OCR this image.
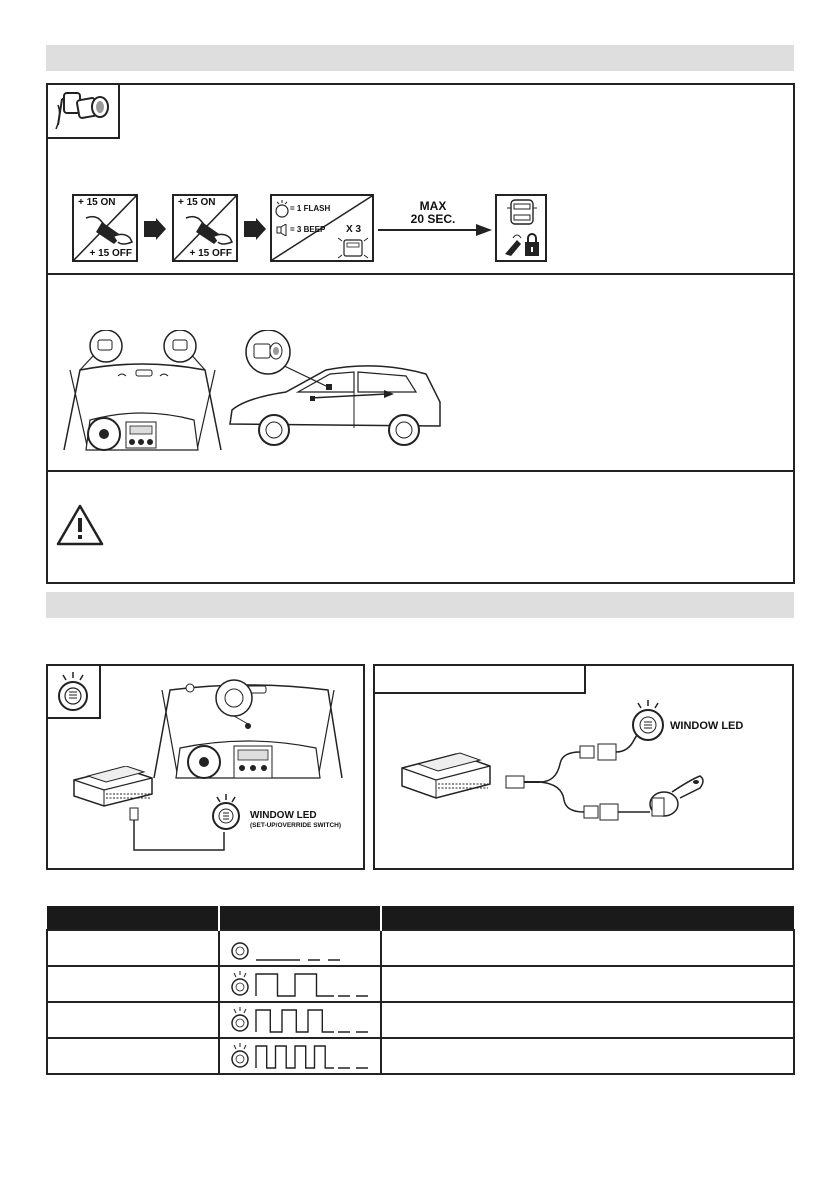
+ 15 ON
+ 15 OFF
+ 15 ON
+ 15 OFF
= 1 FLASH
= 3 BEEP X 3
MAX
20 SEC.
WINDOW LED
(SET-UP/OVERRIDE SWITCH)
WINDOW LED
